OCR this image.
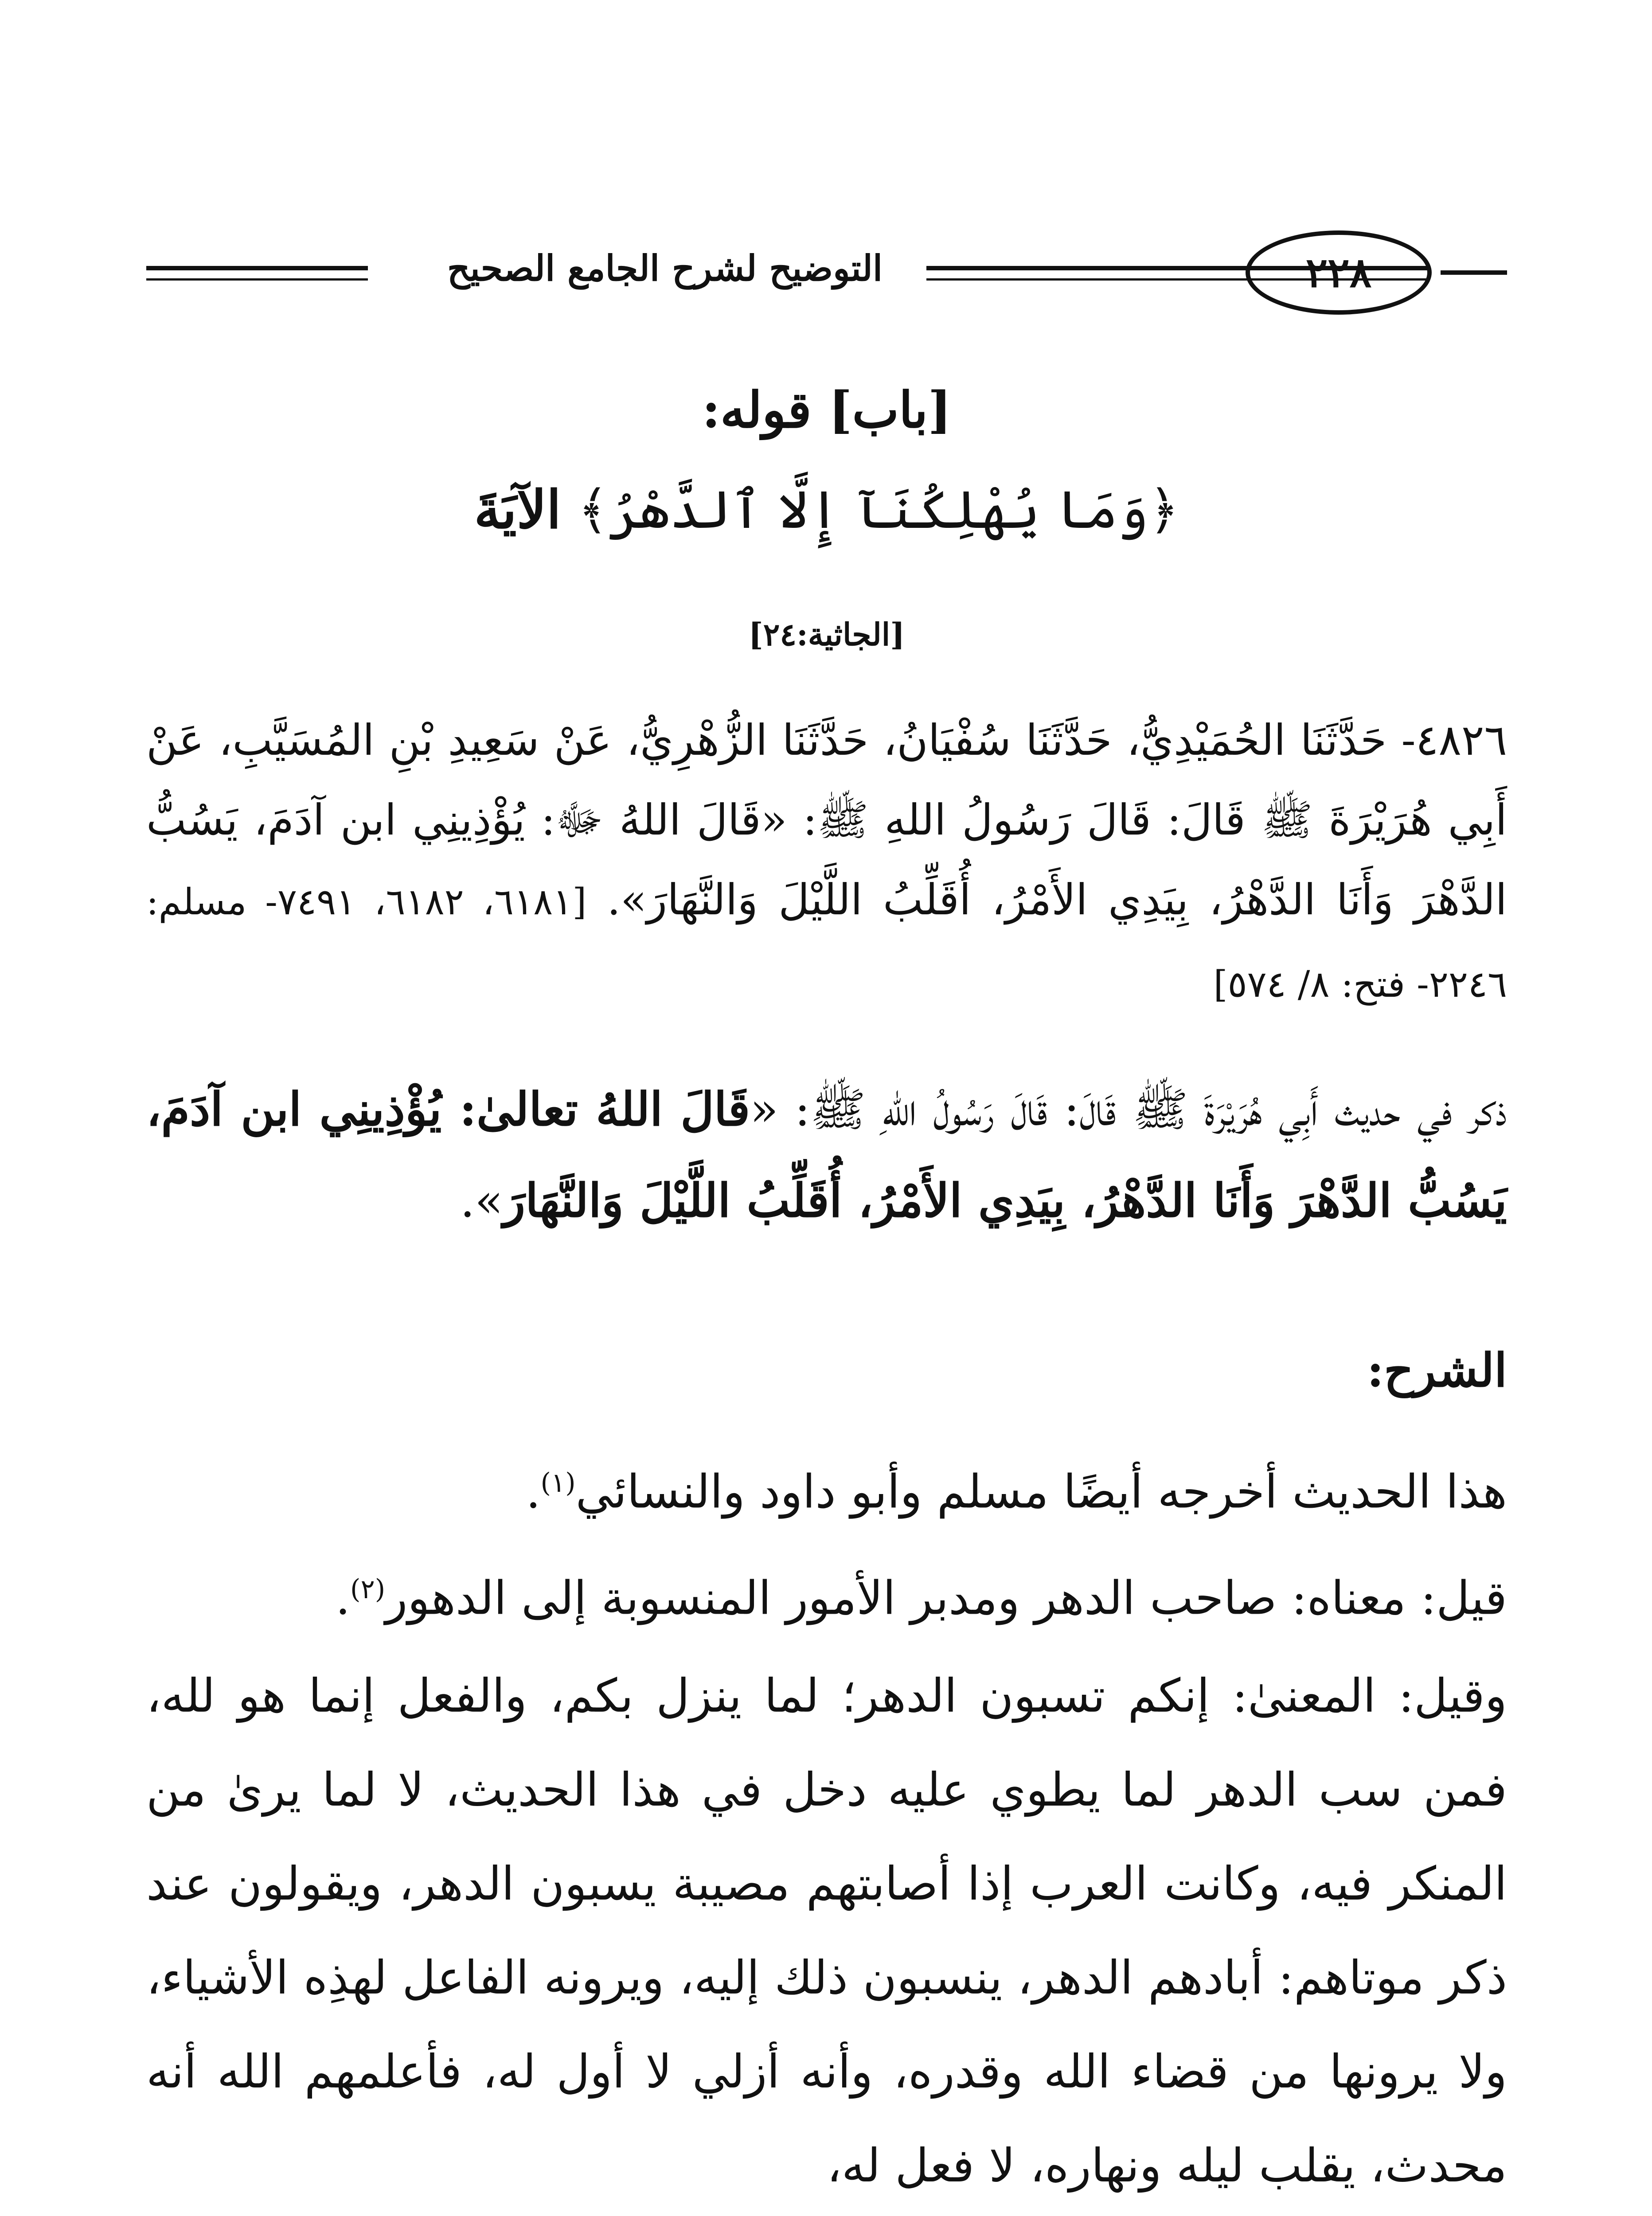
التوضيح لشرح الجامع الصحيح	٢٢٨
[باب] قوله:
﴿وَمَا يُهْلِكُنَآ إِلَّا ٱلدَّهْرُ﴾ الآيَةَ
[الجاثية:٢٤]
٤٨٢٦- حَدَّثَنَا الحُمَيْدِيُّ، حَدَّثَنَا سُفْيَانُ، حَدَّثَنَا الزُّهْرِيُّ، عَنْ سَعِيدِ بْنِ المُسَيَّبِ، عَنْ أَبِي هُرَيْرَةَ ﷺ قَالَ: قَالَ رَسُولُ اللهِ ﷺ: «قَالَ اللهُ ﷻ: يُؤْذِينِي ابن آدَمَ، يَسُبُّ الدَّهْرَ وَأَنَا الدَّهْرُ، بِيَدِي الأَمْرُ، أُقَلِّبُ اللَّيْلَ وَالنَّهَارَ». [٦١٨١، ٦١٨٢، ٧٤٩١- مسلم: ٢٢٤٦- فتح: ٨/ ٥٧٤]
ذكر في حديث أَبِي هُرَيْرَةَ ﷺ قَالَ: قَالَ رَسُولُ اللهِ ﷺ: «قَالَ اللهُ تعالىٰ: يُؤْذِينِي ابن آدَمَ، يَسُبُّ الدَّهْرَ وَأَنَا الدَّهْرُ، بِيَدِي الأَمْرُ، أُقَلِّبُ اللَّيْلَ وَالنَّهَارَ».
الشرح:
هذا الحديث أخرجه أيضًا مسلم وأبو داود والنسائي$^{(١)}$.
قيل: معناه: صاحب الدهر ومدبر الأمور المنسوبة إلى الدهور$^{(٢)}$.
وقيل: المعنىٰ: إنكم تسبون الدهر؛ لما ينزل بكم، والفعل إنما هو لله، فمن سب الدهر لما يطوي عليه دخل في هذا الحديث، لا لما يرىٰ من المنكر فيه، وكانت العرب إذا أصابتهم مصيبة يسبون الدهر، ويقولون عند ذكر موتاهم: أبادهم الدهر، ينسبون ذلك إليه، ويرونه الفاعل لهذِه الأشياء، ولا يرونها من قضاء الله وقدره، وأنه أزلي لا أول له، فأعلمهم الله أنه محدث، يقلب ليله ونهاره، لا فعل له،
